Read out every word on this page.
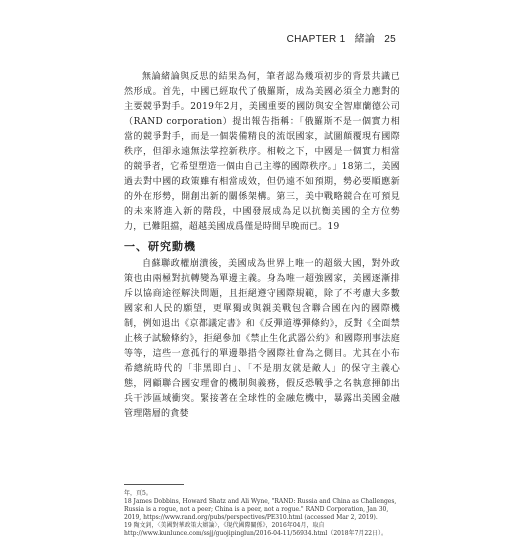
CHAPTER 1 緒論 25

無論緒論與反思的結果為何，筆者認為幾項初步的背景共識已然形成。首先，中國已經取代了俄羅斯，成為美國必須全力應對的主要競爭對手。2019年2月，美國重要的國防與安全智庫蘭德公司（RAND corporation）提出報告指稱：「俄羅斯不是一個實力相當的競爭對手，而是一個裝備精良的流氓國家，試圖顛覆現有國際秩序，但卻永遠無法掌控新秩序。相較之下，中國是一個實力相當的競爭者，它希望塑造一個由自己主導的國際秩序。」18第二，美國過去對中國的政策雖有相當成效，但仍遠不如預期，勢必要順應新的外在形勢，開創出新的關係架構。第三，美中戰略競合在可預見的未來將進入新的階段，中國發展成為足以抗衡美國的全方位勢力，已難阻擋，超越美國成爲僅是時間早晚而已。19

一、研究動機

自蘇聯政權崩潰後，美國成為世界上唯一的超級大國，對外政策也由兩極對抗轉變為單邊主義。身為唯一超強國家，美國逐漸排斥以協商途徑解決問題，且拒絕遵守國際規範，除了不考慮大多數國家和人民的願望，更單獨或與親美戰包含聯合國在內的國際機制，例如退出《京都議定書》和《反彈道導彈條約》，反對《全面禁止核子試驗條約》，拒絕參加《禁止生化武器公約》和國際刑事法庭等等，這些一意孤行的單邊舉措令國際社會為之側目。尤其在小布希總統時代的「非黑即白」、「不是朋友就是敵人」的保守主義心態，罔顧聯合國安理會的機制與義務，假反恐戰爭之名執意揮師出兵干涉區域衝突。緊接著在全球性的金融危機中，暴露出美國金融管理階層的貪婪

年，頁5。
18 James Dobbins, Howard Shatz and Ali Wyne, "RAND: Russia and China as Challenges, Russia is a rogue, not a peer; China is a peer, not a rogue." RAND Corporation, Jan 30, 2019, https://www.rand.org/pubs/perspectives/PE310.html (accessed Mar 2, 2019).
19 陶文釗，〈美國對華政策大辯論〉，《現代國際關係》，2016年04月，取自http://www.kunlunce.com/ssjj/guojipinglun/2016-04-11/56934.html（2018年7月22日）。
